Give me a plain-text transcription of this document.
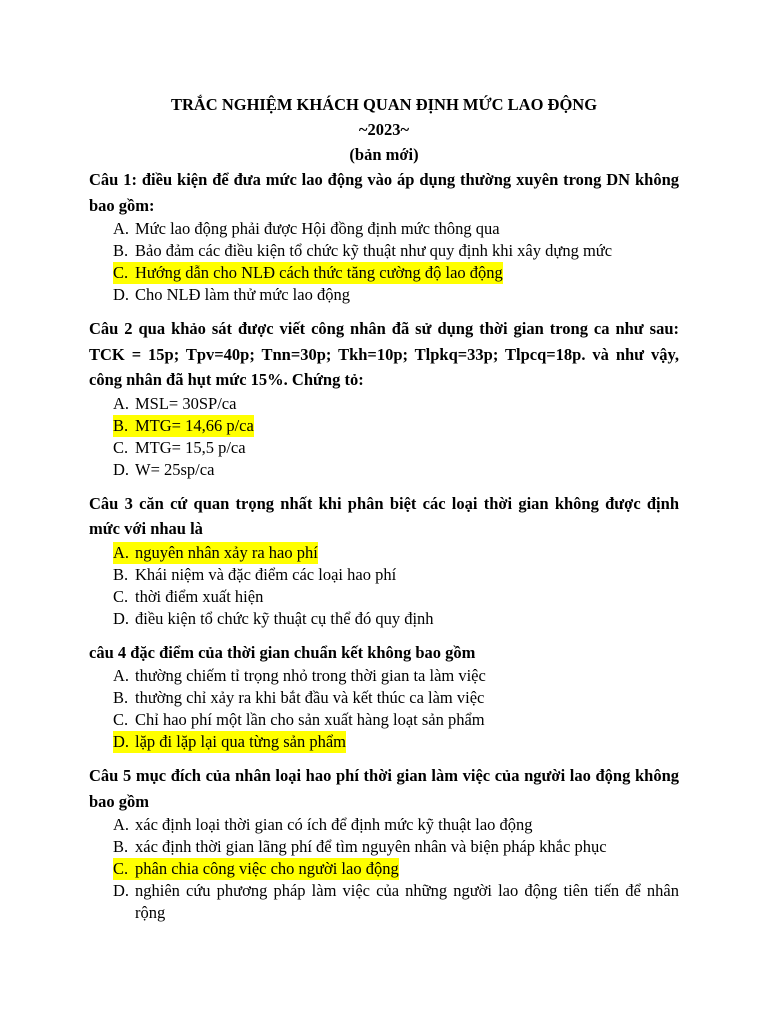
TRẮC NGHIỆM KHÁCH QUAN ĐỊNH MỨC LAO ĐỘNG

~2023~

(bản mới)

Câu 1: điều kiện để đưa mức lao động vào áp dụng thường xuyên trong DN không bao gồm:

A. Mức lao động phải được Hội đồng định mức thông qua
B. Bảo đảm các điều kiện tổ chức kỹ thuật như quy định khi xây dựng mức
C. Hướng dẫn cho NLĐ cách thức tăng cường độ lao động
D. Cho NLĐ làm thử mức lao động

Câu 2 qua khảo sát được viết công nhân đã sử dụng thời gian trong ca như sau: TCK = 15p; Tpv=40p; Tnn=30p; Tkh=10p; Tlpkq=33p; Tlpcq=18p. và như vậy, công nhân đã hụt mức 15%. Chứng tỏ:

A. MSL= 30SP/ca
B. MTG= 14,66 p/ca
C. MTG= 15,5 p/ca
D. W= 25sp/ca

Câu 3 căn cứ quan trọng nhất khi phân biệt các loại thời gian không được định mức với nhau là

A. nguyên nhân xảy ra hao phí
B. Khái niệm và đặc điểm các loại hao phí
C. thời điểm xuất hiện
D. điều kiện tổ chức kỹ thuật cụ thể đó quy định

câu 4 đặc điểm của thời gian chuẩn kết không bao gồm

A. thường chiếm tỉ trọng nhỏ trong thời gian ta làm việc
B. thường chỉ xảy ra khi bắt đầu và kết thúc ca làm việc
C. Chỉ hao phí một lần cho sản xuất hàng loạt sản phẩm
D. lặp đi lặp lại qua từng sản phẩm

Câu 5 mục đích của nhân loại hao phí thời gian làm việc của người lao động không bao gồm

A. xác định loại thời gian có ích để định mức kỹ thuật lao động
B. xác định thời gian lãng phí để tìm nguyên nhân và biện pháp khắc phục
C. phân chia công việc cho người lao động
D. nghiên cứu phương pháp làm việc của những người lao động tiên tiến để nhân rộng
